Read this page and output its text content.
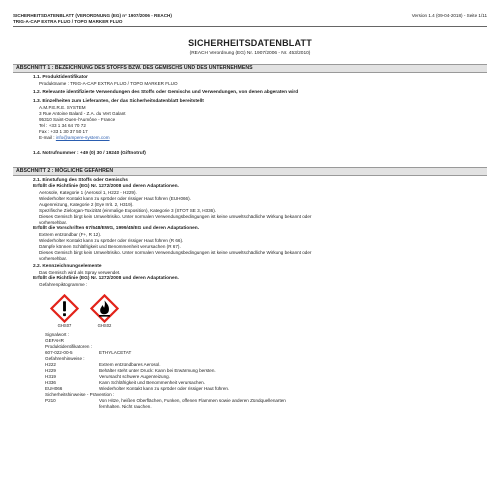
SICHERHEITSDATENBLATT (VERORDNUNG (EG) n° 1907/2006 - REACH)
TRIG-A-CAP EXTRA FLUO / TOPO MARKER FLUO
Version 1.4 (09-04-2018) - Seite 1/11
SICHERHEITSDATENBLATT
(REACH Verordnung (EG) Nr. 1907/2006 - Nr. 453/2010)
ABSCHNITT 1 : BEZEICHNUNG DES STOFFS BZW. DES GEMISCHS UND DES UNTERNEHMENS
1.1. Produktidentifikator
Produktname : TRIG-A-CAP EXTRA FLUO / TOPO MARKER FLUO
1.2. Relevante identifizierte Verwendungen des Stoffs oder Gemischs und Verwendungen, von denen abgeraten wird
1.3. Einzelheiten zum Lieferanten, der das Sicherheitsdatenblatt bereitstellt
A.M.P.E.R.E. SYSTEM
3 Rue Antoine Balard - Z.A. du Vert Galant
95310 Saint-Ouen-l'Aumône - France
Tel : +33 1 34 64 70 72
Fax : +33 1 30 37 50 17
E-mail : info@ampere-system.com
1.4. Notrufnummer : +49 (0) 30 / 19240 (Giftnotruf)
ABSCHNITT 2 : MÖGLICHE GEFAHREN
2.1. Einstufung des Stoffs oder Gemischs
Erfüllt die Richtlinie (EG) Nr. 1272/2008 und deren Adaptationen.
Aerosole, Kategorie 1 (Aerosol 1, H222 - H229).
Wiederholter Kontakt kann zu spröder oder rissiger Haut führen (EUH066).
Augenreizung, Kategorie 2 (Eye Irrit. 2, H319).
Spezifische Zielorgan-Toxizität (einmalige Exposition), Kategorie 3 (STOT SE 3, H336).
Dieses Gemisch birgt kein Umweltrisiko. Unter normalen Verwendungsbedingungen ist keine umweltschädliche Wirkung bekannt oder
vorhersehbar.
Erfüllt die Vorschriften 67/548/EWG, 1999/45/EG und deren Adaptationen.
Extrem entzündbar (F+, R 12).
Wiederholter Kontakt kann zu spröder oder rissiger Haut führen (R 66).
Dämpfe können Schläfrigkeit und Benommenheit verursachen (R 67).
Dieses Gemisch birgt kein Umweltrisiko. Unter normalen Verwendungsbedingungen ist keine umweltschädliche Wirkung bekannt oder
vorhersehbar.
2.2. Kennzeichnungselemente
Das Gemisch wird als Spray verwendet.
Erfüllt die Richtlinie (EG) Nr. 1272/2008 und deren Adaptationen.
Gefahrenpiktogramme :
GHS07	GHS02
Signalwort :
GEFAHR
Produktidentifikatoren :
607-022-00-5	ETHYLACETAT
Gefahrenhinweise :
H222	Extrem entzündbares Aerosol.
H229	Behälter steht unter Druck: Kann bei Erwärmung bersten.
H319	Verursacht schwere Augenreizung.
H336	Kann Schläfrigkeit und Benommenheit verursachen.
EUH066	Wiederholter Kontakt kann zu spröder oder rissiger Haut führen.
Sicherheitshinweise - Prävention :
P210	Von Hitze, heißen Oberflächen, Funken, offenen Flammen sowie anderen Zündquellenarten
fernhalten. Nicht rauchen.
